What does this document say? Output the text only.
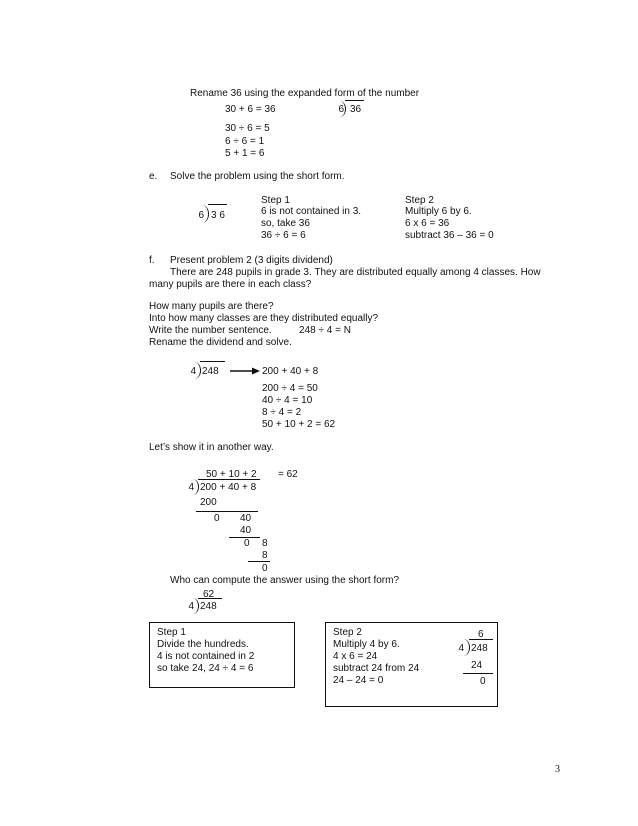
Rename 36 using the expanded form of the number
30 + 6 = 36	6 36
30 ÷ 6 = 5
6 ÷ 6 = 1
5 + 1 = 6
e. Solve the problem using the short form.
6 3 6
Step 1
6 is not contained in 3.
so, take 36
36 ÷ 6 = 6
Step 2
Multiply 6 by 6.
6 x 6 = 36
subtract 36 – 36 = 0
f. Present problem 2 (3 digits dividend)
There are 248 pupils in grade 3. They are distributed equally among 4 classes. How
many pupils are there in each class?
How many pupils are there?
Into how many classes are they distributed equally?
Write the number sentence.	248 ÷ 4 = N
Rename the dividend and solve.
4 248	200 + 40 + 8
200 ÷ 4 = 50
40 ÷ 4 = 10
8 ÷ 4 = 2
50 + 10 + 2 = 62
Let’s show it in another way.
50 + 10 + 2 = 62
4 200 + 40 + 8
200
0 40
40
0 8
8
0
Who can compute the answer using the short form?
62
4 248
Step 1
Divide the hundreds.
4 is not contained in 2
so take 24, 24 ÷ 4 = 6
Step 2
Multiply 4 by 6.
4 x 6 = 24
subtract 24 from 24
24 – 24 = 0
6
4 248
24
0
3
